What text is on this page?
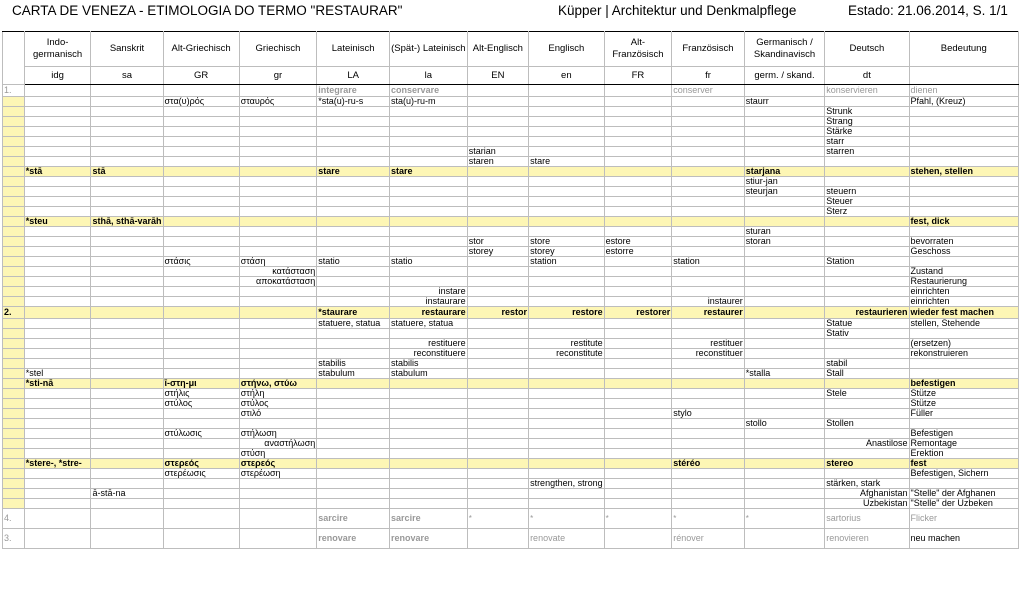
CARTA DE VENEZA - ETIMOLOGIA DO TERMO "RESTAURAR"	Küpper | Architektur und Denkmalpflege	Estado: 21.06.2014, S. 1/1
	Indo-germanisch	Sanskrit	Alt-Griechisch	Griechisch	Lateinisch	(Spät-) Lateinisch	Alt-Englisch	Englisch	Alt-Französisch	Französisch	Germanisch / Skandinavisch	Deutsch	Bedeutung
	idg	sa	GR	gr	LA	la	EN	en	FR	fr	germ. / skand.	dt	
1.					integrare	conservare				conserver		konservieren	dienen
			στα(υ)ρός	σταυρός	*sta(u)-ru-s	sta(u)-ru-m					staurr		Pfahl, (Kreuz)
												Strunk	
												Strang	
												Stärke	
												starr	
							starian					starren	
							staren	stare					
	*stā	stā			stare	stare					starjana		stehen, stellen
											stiur-jan		
											steurjan	steuern	
												Steuer	
												Sterz	
	*steu	sthā, sthā-varāh											fest, dick
											sturan		
							stor	store	estore		storan		bevorraten
							storey	storey	estorre				Geschoss
			στάσις	στάση	statio	statio		station		station		Station	
				κατάσταση									Zustand
				αποκατάσταση									Restaurierung
						instare							einrichten
						instaurare				instaurer			einrichten
2.					*staurare	restaurare	restor	restore	restorer	restaurer		restaurieren	wieder fest machen
					statuere, statua	statuere, statua						Statue	stellen, Stehende
												Stativ	
						restituere		restitute		restituer			(ersetzen)
						reconstituere		reconstitute		reconstituer			rekonstruieren
					stabilis	stabilis						stabil	
	*stel				stabulum	stabulum					*stalla	Stall	
	*sti-nā		ῑ-στη-μι	στήνω, στύω									befestigen
			στήλις	στήλη								Stele	Stütze
			στύλος	στύλος									Stütze
				στιλό						stylo			Füller
											stollo	Stollen	
			στύλωσις	στήλωση									Befestigen
				αναστήλωση								Anastilose	Remontage
				στύση									Erektion
	*stere-, *stre-		στερεός	στερεός						stéréo		stereo	fest
			στερέωσις	στερέωση									Befestigen, Sichern
								strengthen, strong				stärken, stark	
		ā-stā-na										Afghanistan	"Stelle" der Afghanen
												Uzbekistan	"Stelle" der Uzbeken
4.					sarcire	sarcire	*	*	*	*	*	sartorius	Flicker
3.					renovare	renovare		renovate		rénover		renovieren	neu machen
